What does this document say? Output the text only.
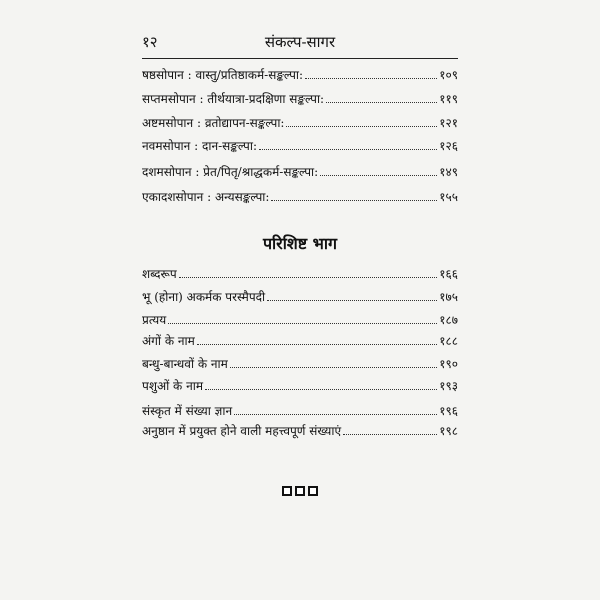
१२	संकल्प-सागर
षष्ठसोपान : वास्तु/प्रतिष्ठाकर्म-सङ्कल्पा:	१०९
सप्तमसोपान : तीर्थयात्रा-प्रदक्षिणा सङ्कल्पा:	११९
अष्टमसोपान : व्रतोद्यापन-सङ्कल्पा:	१२१
नवमसोपान : दान-सङ्कल्पा:	१२६
दशमसोपान : प्रेत/पितृ/श्राद्धकर्म-सङ्कल्पा:	१४९
एकादशसोपान : अन्यसङ्कल्पा:	१५५
परिशिष्ट भाग
शब्दरूप	१६६
भू (होना) अकर्मक परस्मैपदी	१७५
प्रत्यय	१८७
अंगों के नाम	१८८
बन्धु-बान्धवों के नाम	१९०
पशुओं के नाम	१९३
संस्कृत में संख्या ज्ञान	१९६
अनुष्ठान में प्रयुक्त होने वाली महत्त्वपूर्ण संख्याएं	१९८
